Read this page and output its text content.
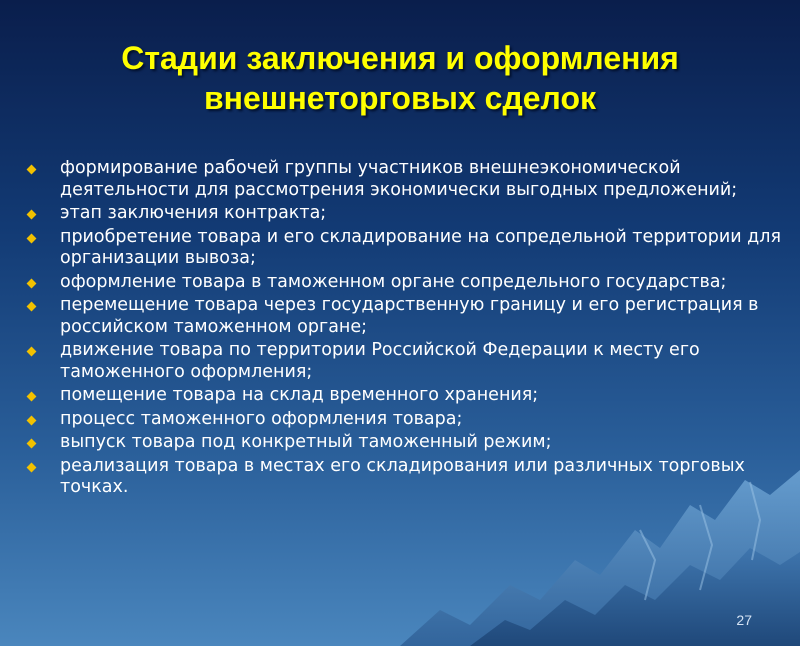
Стадии заключения и оформления
внешнеторговых сделок
формирование рабочей группы участников внешнеэкономической деятельности для рассмотрения экономически выгодных предложений;
этап заключения контракта;
приобретение товара и его складирование на сопредельной территории для организации вывоза;
оформление товара в таможенном органе сопредельного государства;
перемещение товара через государственную границу и его регистрация в российском таможенном органе;
движение товара по территории Российской Федерации к месту его таможенного оформления;
помещение товара на склад временного хранения;
процесс таможенного оформления товара;
выпуск товара под конкретный таможенный режим;
реализация товара в местах его складирования или различных торговых точках.
27
